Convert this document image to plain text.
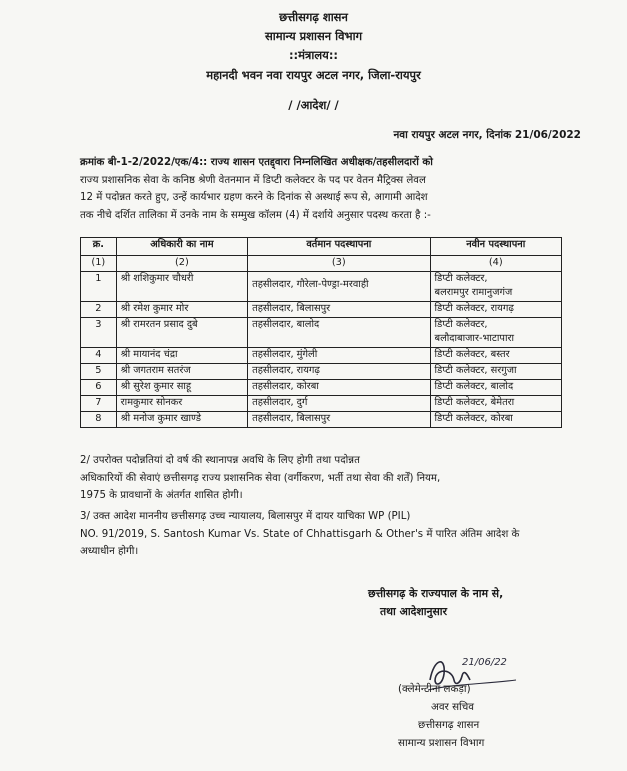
छत्तीसगढ़ शासन
सामान्य प्रशासन विभाग
::मंत्रालय::
महानदी भवन नवा रायपुर अटल नगर, जिला-रायपुर
/ /आदेश/ /
नवा रायपुर अटल नगर, दिनांक 21/06/2022
क्रमांक बी-1-2/2022/एक/4:: राज्य शासन एतद्द्वारा निम्नलिखित अधीक्षक/तहसीलदारों को
राज्य प्रशासनिक सेवा के कनिष्ठ श्रेणी वेतनमान में डिप्टी कलेक्टर के पद पर वेतन मैट्रिक्स लेवल
12 में पदोन्नत करते हुए, उन्हें कार्यभार ग्रहण करने के दिनांक से अस्थाई रूप से, आगामी आदेश
तक नीचे दर्शित तालिका में उनके नाम के सम्मुख कॉलम (4) में दर्शाये अनुसार पदस्थ करता है :-
क्र.	अधिकारी का नाम	वर्तमान पदस्थापना	नवीन पदस्थापना
(1)	(2)	(3)	(4)
1	श्री शशिकुमार चौधरी	तहसीलदार, गौरेला-पेण्ड्रा-मरवाही	डिप्टी कलेक्टर,
बलरामपुर रामानुजगंज

2	श्री रमेश कुमार मोर	तहसीलदार, बिलासपुर	डिप्टी कलेक्टर, रायगढ़
3	श्री रामरतन प्रसाद दुबे	तहसीलदार, बालोद	डिप्टी कलेक्टर,
बलौदाबाजार-भाटापारा

4	श्री मायानंद चंद्रा	तहसीलदार, मुंगेली	डिप्टी कलेक्टर, बस्तर
5	श्री जगतराम सतरंज	तहसीलदार, रायगढ़	डिप्टी कलेक्टर, सरगुजा
6	श्री सुरेश कुमार साहू	तहसीलदार, कोरबा	डिप्टी कलेक्टर, बालोद
7	रामकुमार सोनकर	तहसीलदार, दुर्ग	डिप्टी कलेक्टर, बेमेतरा
8	श्री मनोज कुमार खाण्डे	तहसीलदार, बिलासपुर	डिप्टी कलेक्टर, कोरबा
2/ उपरोक्त पदोन्नतियां दो वर्ष की स्थानापन्न अवधि के लिए होगी तथा पदोन्नत
अधिकारियों की सेवाएं छत्तीसगढ़ राज्य प्रशासनिक सेवा (वर्गीकरण, भर्ती तथा सेवा की शर्तें) नियम,
1975 के प्रावधानों के अंतर्गत शासित होगी।
3/ उक्त आदेश माननीय छत्तीसगढ़ उच्च न्यायालय, बिलासपुर में दायर याचिका WP (PIL)
NO. 91/2019, S. Santosh Kumar Vs. State of Chhattisgarh & Other's में पारित अंतिम आदेश के
अध्याधीन होगी।
छत्तीसगढ़ के राज्यपाल के नाम से,
तथा आदेशानुसार
21/06/22
(क्लेमेन्टीना लकड़ा)
अवर सचिव
छत्तीसगढ़ शासन
सामान्य प्रशासन विभाग
